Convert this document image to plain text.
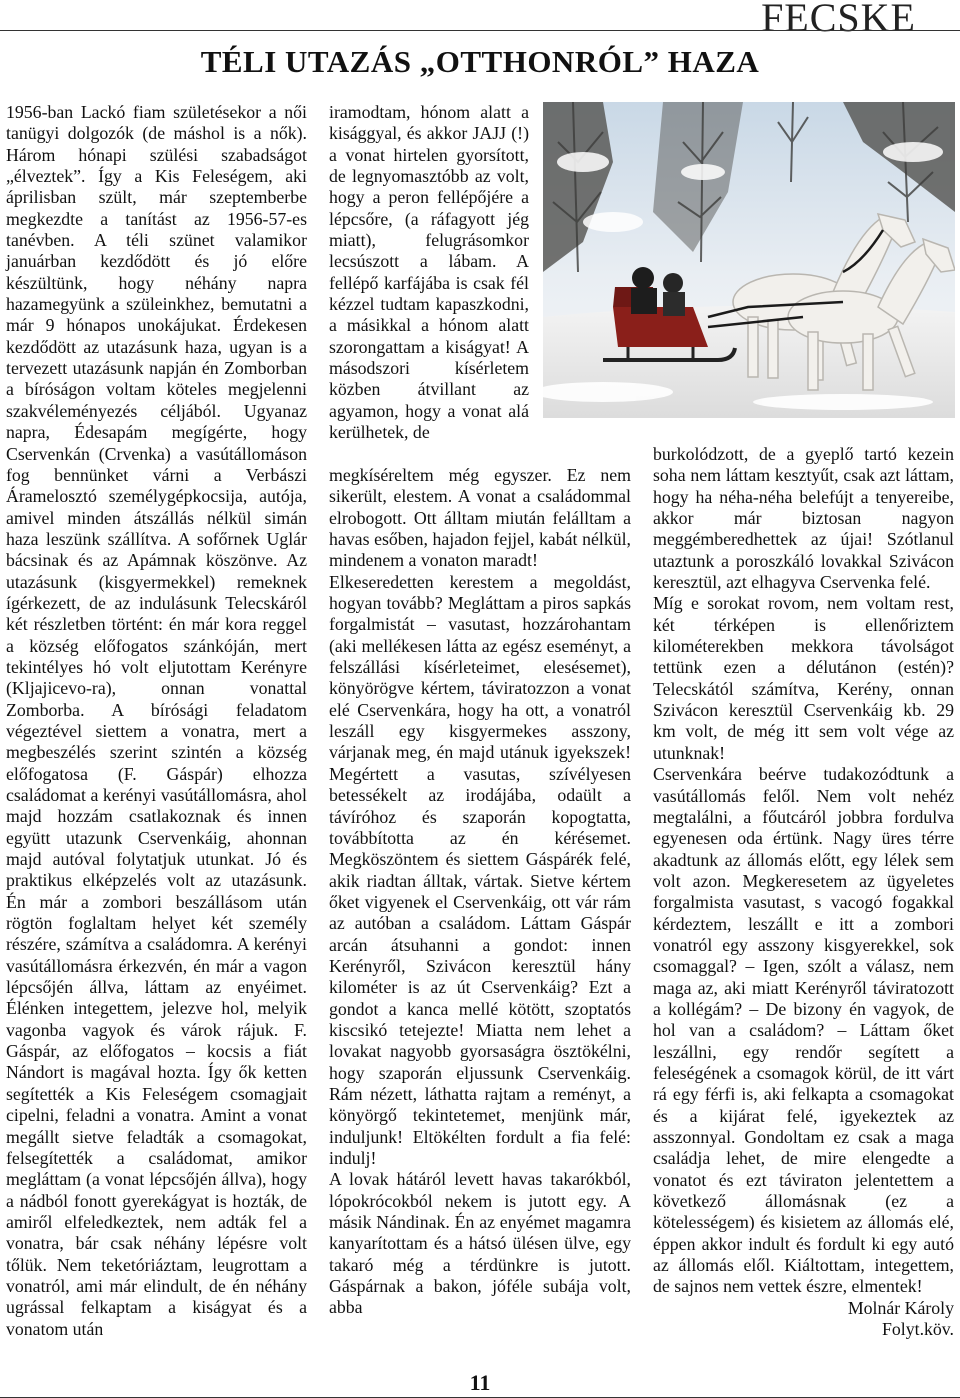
FECSKE
TÉLI UTAZÁS „OTTHONRÓL” HAZA

1956-ban Lackó fiam születésekor a női tanügyi dolgozók (de máshol is a nők). Három hónapi szülési szabadságot „élveztek”. Így a Kis Feleségem, aki áprilisban szült, már szeptemberbe megkezdte a tanítást az 1956-57-es tanévben. A téli szünet valamikor januárban kezdődött és jó előre készültünk, hogy néhány napra hazamegyünk a szüleinkhez, bemutatni a már 9 hónapos unokájukat. Érdekesen kezdődött az utazásunk haza, ugyan is a tervezett utazásunk napján én Zomborban a bíróságon voltam köteles megjelenni szakvéleményezés céljából. Ugyanaz napra, Édesapám megígérte, hogy Cservenkán (Crvenka) a vasútállomáson fog bennünket várni a Verbászi Áramelosztó személygépkocsija, autója, amivel minden átszállás nélkül simán haza leszünk szállítva. A sofőrnek Uglár bácsinak és az Apámnak köszönve. Az utazásunk (kisgyermekkel) remeknek ígérkezett, de az indulásunk Telecskáról két részletben történt: én már kora reggel a község előfogatos szánkóján, mert tekintélyes hó volt eljutottam Kerényre (Kljajicevo-ra), onnan vonattal Zomborba. A bírósági feladatom végeztével siettem a vonatra, mert a megbeszélés szerint szintén a község előfogatosa (F. Gáspár) elhozza családomat a kerényi vasútállomásra, ahol majd hozzám csatlakoznak és innen együtt utazunk Cservenkáig, ahonnan majd autóval folytatjuk utunkat. Jó és praktikus elképzelés volt az utazásunk. Én már a zombori beszállásom után rögtön foglaltam helyet két személy részére, számítva a családomra. A kerényi vasútállomásra érkezvén, én már a vagon lépcsőjén állva, láttam az enyéimet. Élénken integettem, jelezve hol, melyik vagonba vagyok és várok rájuk. F. Gáspár, az előfogatos – kocsis a fiát Nándort is magával hozta. Így ők ketten segítették a Kis Feleségem csomagjait cipelni, feladni a vonatra. Amint a vonat megállt sietve feladták a csomagokat, felsegítették a családomat, amikor megláttam (a vonat lépcsőjén állva), hogy a nádból fonott gyerekágyat is hozták, de amiről elfeledkeztek, nem adták fel a vonatra, bár csak néhány lépésre volt tőlük. Nem teketóriáztam, leugrottam a vonatról, ami már elindult, de én néhány ugrással felkaptam a kiságyat és a vonatom után

iramodtam, hónom alatt a kisággyal, és akkor JAJJ (!) a vonat hirtelen gyorsított, de legnyomasztóbb az volt, hogy a peron fellépőjére a lépcsőre, (a ráfagyott jég miatt), felugrásomkor lecsúszott a lábam. A fellépő karfájába is csak fél kézzel tudtam kapaszkodni, a másikkal a hónom alatt szorongattam a kiságyat! A másodszori kísérletem közben átvillant az agyamon, hogy a vonat alá kerülhetek, de

megkíséreltem még egyszer. Ez nem sikerült, elestem. A vonat a családommal elrobogott. Ott álltam miután felálltam a havas esőben, hajadon fejjel, kabát nélkül, mindenem a vonaton maradt!

Elkeseredetten kerestem a megoldást, hogyan tovább? Megláttam a piros sapkás forgalmistát – vasutast, hozzárohantam (aki mellékesen látta az egész eseményt, a felszállási kísérleteimet, elesésemet), könyörögve kértem, táviratozzon a vonat elé Cservenkára, hogy ha ott, a vonatról leszáll egy kisgyermekes asszony, várjanak meg, én majd utánuk igyekszek! Megértett a vasutas, szívélyesen betessékelt az irodájába, odaült a távíróhoz és szaporán kopogtatta, továbbította az én kérésemet. Megköszöntem és siettem Gáspárék felé, akik riadtan álltak, vártak. Sietve kértem őket vigyenek el Cservenkáig, ott vár rám az autóban a családom. Láttam Gáspár arcán átsuhanni a gondot: innen Kerényről, Szivácon keresztül hány kilométer is az út Cservenkáig? Ezt a gondot a kanca mellé kötött, szoptatós kiscsikó tetejezte! Miatta nem lehet a lovakat nagyobb gyorsaságra ösztökélni, hogy szaporán eljussunk Cservenkáig. Rám nézett, láthatta rajtam a reményt, a könyörgő tekintetemet, menjünk már, induljunk! Eltökélten fordult a fia felé: indulj!

A lovak hátáról levett havas takarókból, lópokrócokból nekem is jutott egy. A másik Nándinak. Én az enyémet magamra kanyarítottam és a hátsó ülésen ülve, egy takaró még a térdünkre is jutott. Gáspárnak a bakon, jóféle subája volt, abba

burkolódzott, de a gyeplő tartó kezein soha nem láttam kesztyűt, csak azt láttam, hogy ha néha-néha belefújt a tenyereibe, akkor már biztosan nagyon meggémberedhettek az újai! Szótlanul utaztunk a poroszkáló lovakkal Szivácon keresztül, azt elhagyva Cservenka felé.

Míg e sorokat rovom, nem voltam rest, két térképen is ellenőriztem kilométerekben mekkora távolságot tettünk ezen a délutánon (estén)? Telecskától számítva, Kerény, onnan Szivácon keresztül Cservenkáig kb. 29 km volt, de még itt sem volt vége az utunknak!

Cservenkára beérve tudakozódtunk a vasútállomás felől. Nem volt nehéz megtalálni, a főutcáról jobbra fordulva egyenesen oda értünk. Nagy üres térre akadtunk az állomás előtt, egy lélek sem volt azon. Megkeresetem az ügyeletes forgalmista vasutast, s vacogó fogakkal kérdeztem, leszállt e itt a zombori vonatról egy asszony kisgyerekkel, sok csomaggal? – Igen, szólt a válasz, nem maga az, aki miatt Kerényről táviratozott a kollégám? – De bizony én vagyok, de hol van a családom? – Láttam őket leszállni, egy rendőr segített a feleségének a csomagok körül, de itt várt rá egy férfi is, aki felkapta a csomagokat és a kijárat felé, igyekeztek az asszonnyal. Gondoltam ez csak a maga családja lehet, de mire elengedte a vonatot és ezt táviraton jelentettem a következő állomásnak (ez a kötelességem) és kisietem az állomás elé, éppen akkor indult és fordult ki egy autó az állomás elől. Kiáltottam, integettem, de sajnos nem vettek észre, elmentek!

Molnár Károly

Folyt.köv.

11
